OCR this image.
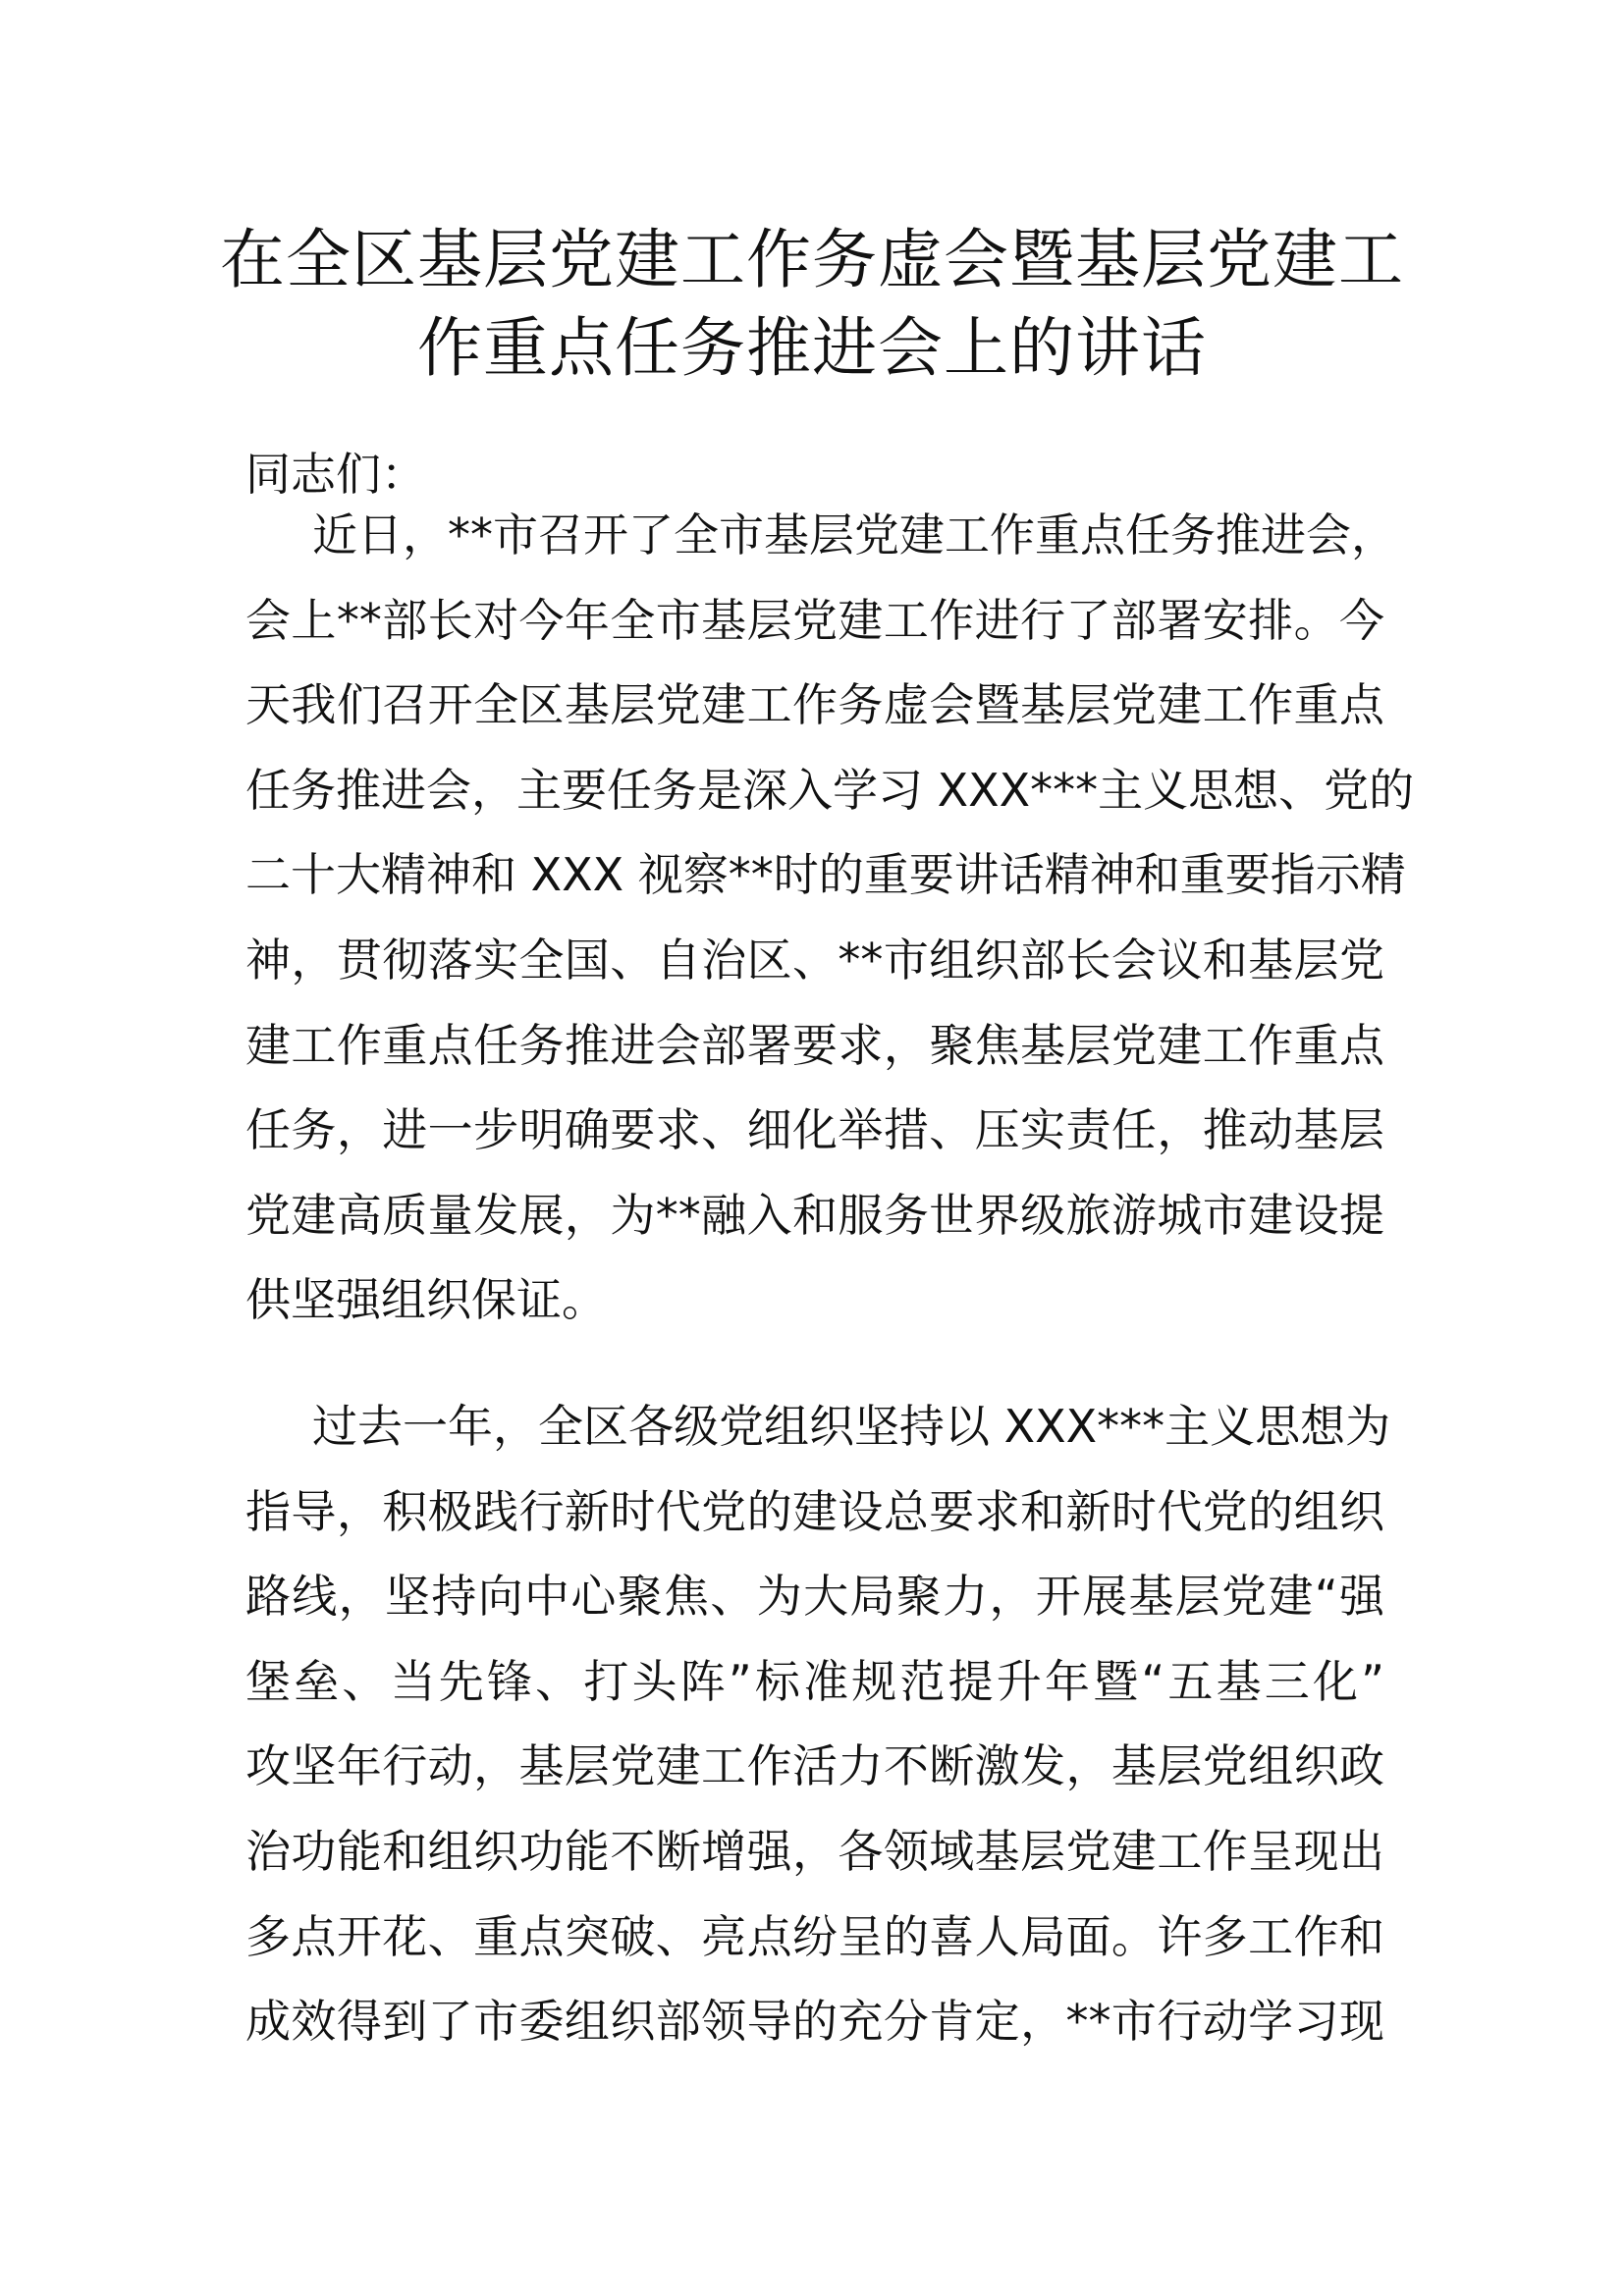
在全区基层党建工作务虚会暨基层党建工
作重点任务推进会上的讲话

同志们：

近日，**市召开了全市基层党建工作重点任务推进会，
会上**部长对今年全市基层党建工作进行了部署安排。今
天我们召开全区基层党建工作务虚会暨基层党建工作重点
任务推进会，主要任务是深入学习 XXX***主义思想、党的
二十大精神和 XXX 视察**时的重要讲话精神和重要指示精
神，贯彻落实全国、自治区、**市组织部长会议和基层党
建工作重点任务推进会部署要求，聚焦基层党建工作重点
任务，进一步明确要求、细化举措、压实责任，推动基层
党建高质量发展，为**融入和服务世界级旅游城市建设提
供坚强组织保证。
过去一年，全区各级党组织坚持以 XXX***主义思想为
指导，积极践行新时代党的建设总要求和新时代党的组织
路线，坚持向中心聚焦、为大局聚力，开展基层党建“强
堡垒、当先锋、打头阵”标准规范提升年暨“五基三化”
攻坚年行动，基层党建工作活力不断激发，基层党组织政
治功能和组织功能不断增强，各领域基层党建工作呈现出
多点开花、重点突破、亮点纷呈的喜人局面。许多工作和
成效得到了市委组织部领导的充分肯定，**市行动学习现
